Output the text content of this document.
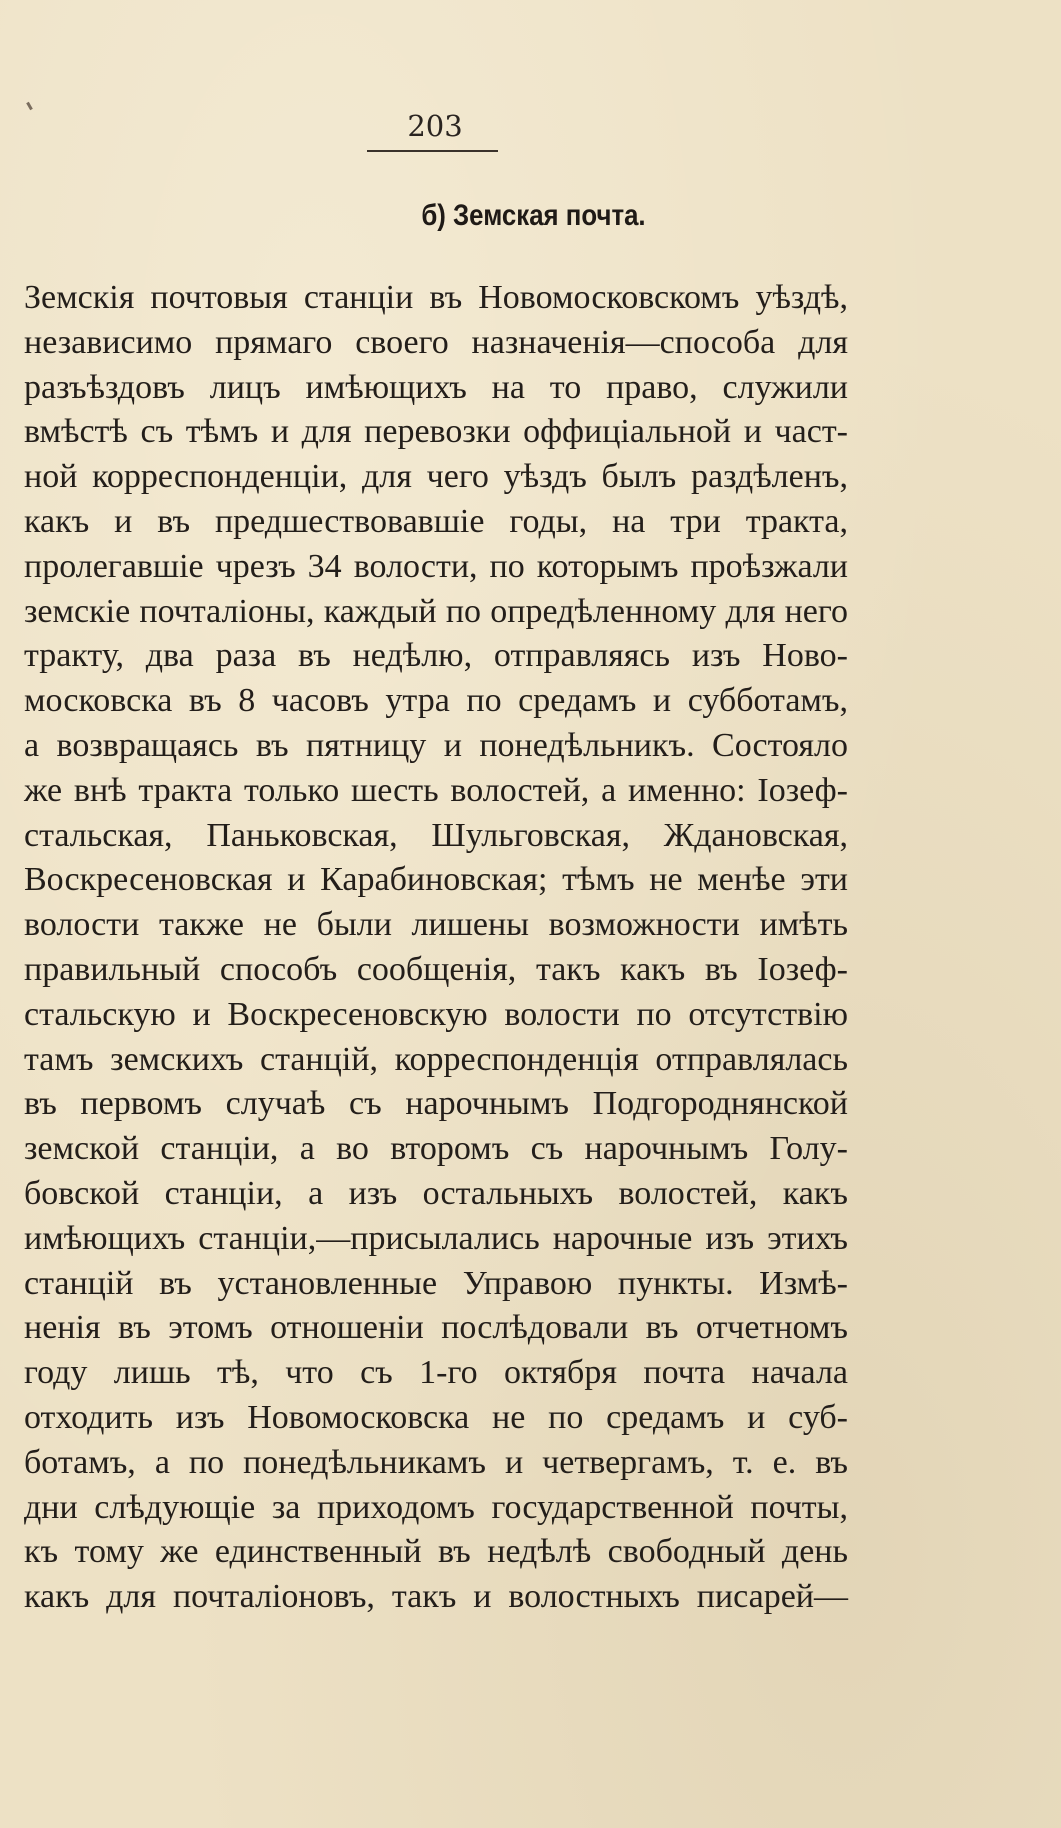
203
б) Земская почта.
Земскія почтовыя станціи въ Новомосковскомъ уѣздѣ,
независимо прямаго своего назначенія—способа для
разъѣздовъ лицъ имѣющихъ на то право, служили
вмѣстѣ съ тѣмъ и для перевозки оффиціальной и част-
ной корреспонденціи, для чего уѣздъ былъ раздѣленъ,
какъ и въ предшествовавшіе годы, на три тракта,
пролегавшіе чрезъ 34 волости, по которымъ проѣзжали
земскіе почталіоны, каждый по опредѣленному для него
тракту, два раза въ недѣлю, отправляясь изъ Ново-
московска въ 8 часовъ утра по средамъ и субботамъ,
а возвращаясь въ пятницу и понедѣльникъ. Состояло
же внѣ тракта только шесть волостей, а именно: Іозеф-
стальская, Паньковская, Шульговская, Ждановская,
Воскресеновская и Карабиновская; тѣмъ не менѣе эти
волости также не были лишены возможности имѣть
правильный способъ сообщенія, такъ какъ въ Іозеф-
стальскую и Воскресеновскую волости по отсутствію
тамъ земскихъ станцій, корреспонденція отправлялась
въ первомъ случаѣ съ нарочнымъ Подгороднянской
земской станціи, а во второмъ съ нарочнымъ Голу-
бовской станціи, а изъ остальныхъ волостей, какъ
имѣющихъ станціи,—присылались нарочные изъ этихъ
станцій въ установленные Управою пункты. Измѣ-
ненія въ этомъ отношеніи послѣдовали въ отчетномъ
году лишь тѣ, что съ 1-го октября почта начала
отходить изъ Новомосковска не по средамъ и суб-
ботамъ, а по понедѣльникамъ и четвергамъ, т. е. въ
дни слѣдующіе за приходомъ государственной почты,
къ тому же единственный въ недѣлѣ свободный день
какъ для почталіоновъ, такъ и волостныхъ писарей—
